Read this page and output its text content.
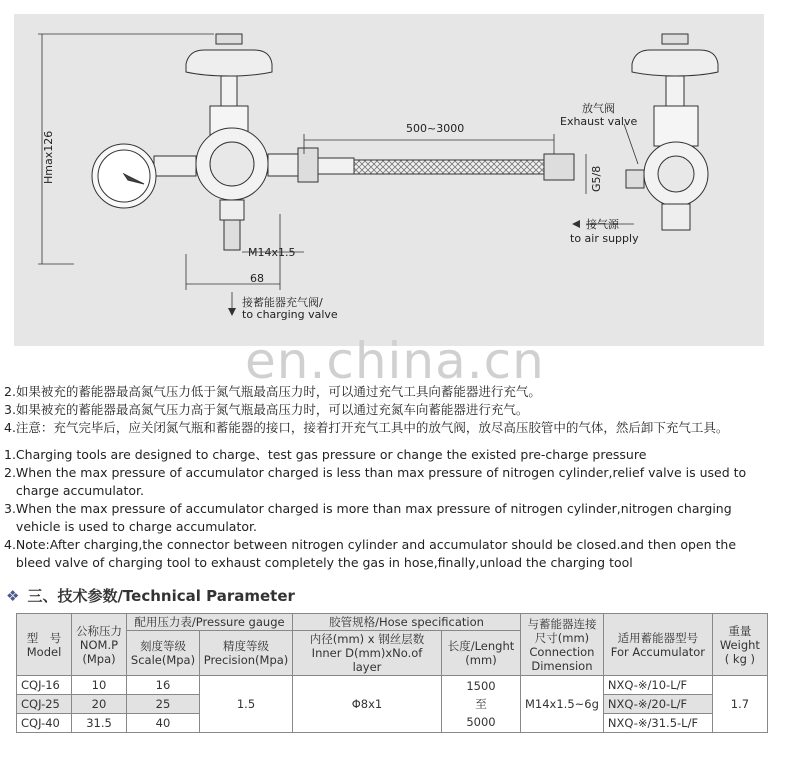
Hmax126
500~3000
G5/8
M14x1.5
68
放气阀
Exhaust valve
接气源
to air supply
接蓄能器充气阀/
to charging valve
en.china.cn

2.如果被充的蓄能器最高氮气压力低于氮气瓶最高压力时，可以通过充气工具向蓄能器进行充气。

3.如果被充的蓄能器最高氮气压力高于氮气瓶最高压力时，可以通过充氮车向蓄能器进行充气。

4.注意：充气完毕后，应关闭氮气瓶和蓄能器的接口，接着打开充气工具中的放气阀，放尽高压胶管中的气体，然后卸下充气工具。

1.Charging tools are designed to charge、test gas pressure or change the existed pre-charge pressure

2.When the max pressure of accumulator charged is less than max pressure of nitrogen cylinder,relief valve is used to

charge accumulator.

3.When the max pressure of accumulator charged is more than max pressure of nitrogen cylinder,nitrogen charging

vehicle is used to charge accumulator.

4.Note:After charging,the connector between nitrogen cylinder and accumulator should be closed.and then open the

bleed valve of charging tool to exhaust completely the gas in hose,finally,unload the charging tool

❖ 三、技术参数/Technical Parameter
型　号
Model	公称压力
NOM.P
(Mpa)	配用压力表/Pressure gauge		胶管规格/Hose specification		与蓄能器连接
尺寸(mm)
Connection
Dimension	适用蓄能器型号
For Accumulator	重量
Weight
( kg )
		刻度等级
Scale(Mpa)	精度等级
Precision(Mpa)	内径(mm) x 钢丝层数
Inner D(mm)xNo.of layer	长度/Lenght
(mm)			
CQJ-16	10	16	1.5	Φ8x1	1500
至
5000	M14x1.5~6g	NXQ-※/10-L/F	1.7
CQJ-25	20	25					NXQ-※/20-L/F	
CQJ-40	31.5	40					NXQ-※/31.5-L/F	
